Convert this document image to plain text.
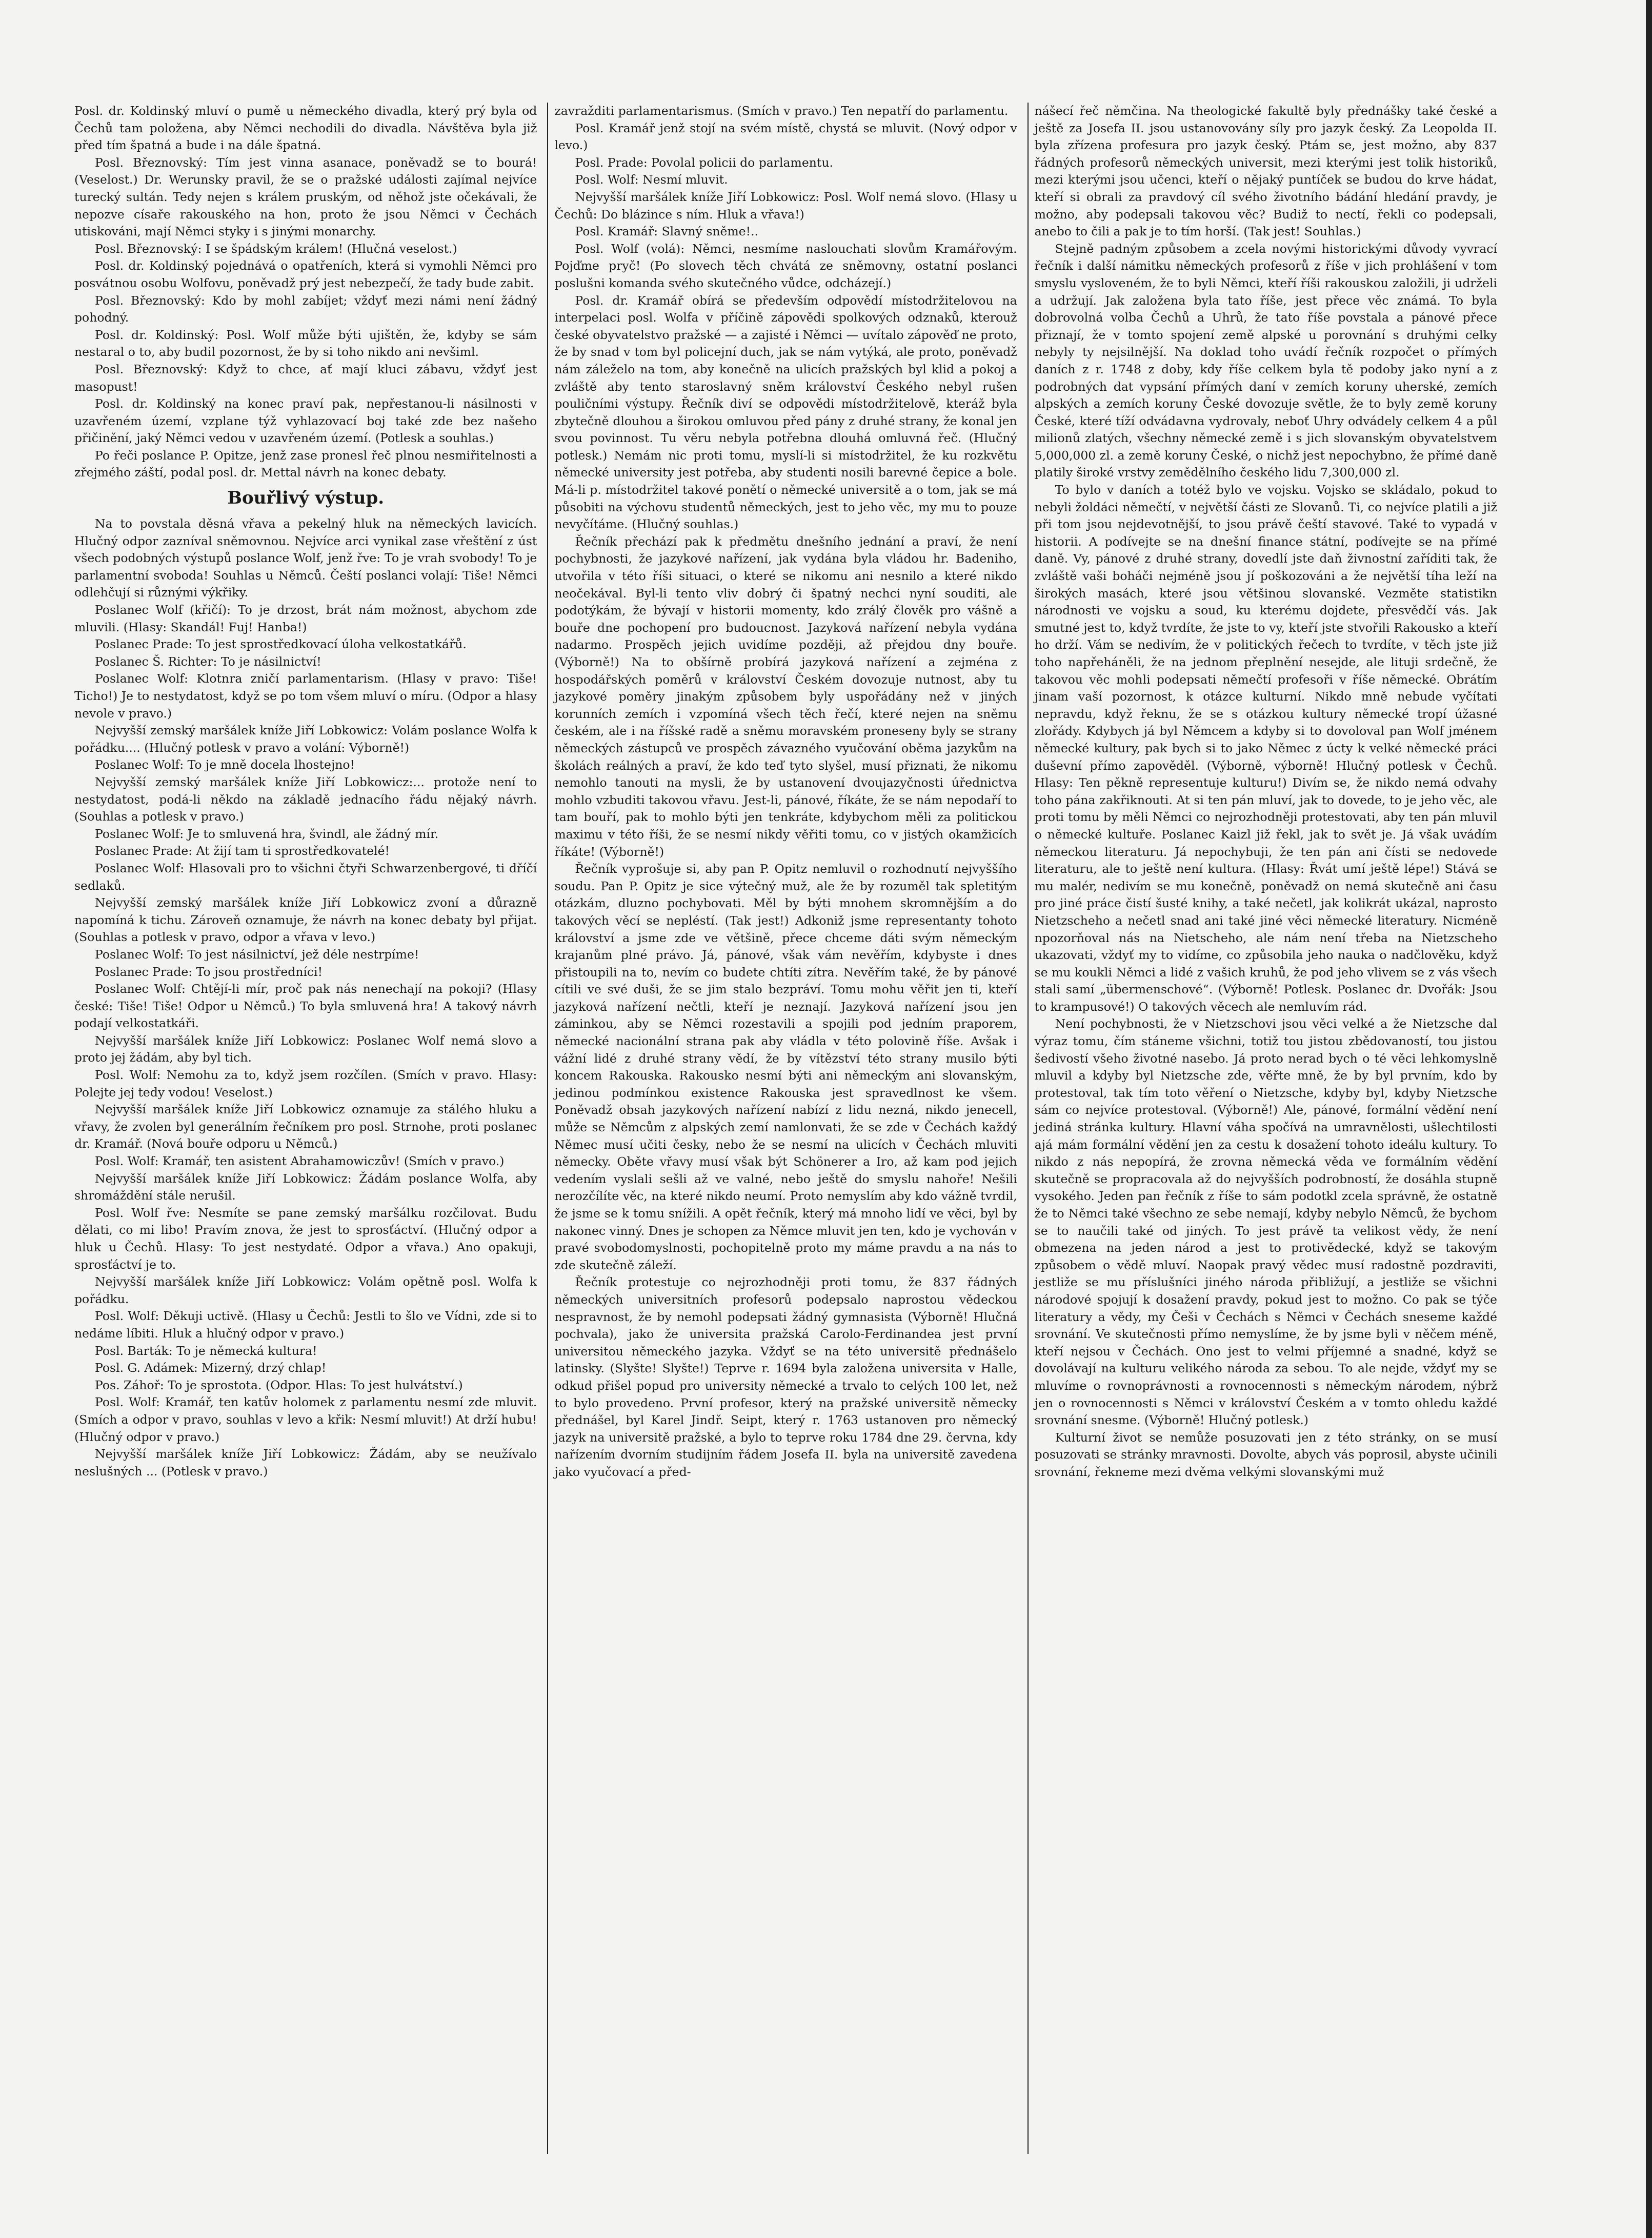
Posl. dr. Koldinský mluví o pumě u německého divadla, který prý byla od Čechů tam položena, aby Němci nechodili do divadla. Návštěva byla již před tím špatná a bude i na dále špatná.

Posl. Březnovský: Tím jest vinna asanace, poněvadž se to bourá! (Veselost.) Dr. Werunsky pravil, že se o pražské události zajímal nejvíce turecký sultán. Tedy nejen s králem pruským, od něhož jste očekávali, že nepozve císaře rakouského na hon, proto že jsou Němci v Čechách utiskováni, mají Němci styky i s jinými monarchy.

Posl. Březnovský: I se špádským králem! (Hlučná veselost.)

Posl. dr. Koldinský pojednává o opatřeních, která si vymohli Němci pro posvátnou osobu Wolfovu, poněvadž prý jest nebezpečí, že tady bude zabit.

Posl. Březnovský: Kdo by mohl zabíjet; vždyť mezi námi není žádný pohodný.

Posl. dr. Koldinský: Posl. Wolf může býti ujištěn, že, kdyby se sám nestaral o to, aby budil pozornost, že by si toho nikdo ani nevšiml.

Posl. Březnovský: Když to chce, ať mají kluci zábavu, vždyť jest masopust!

Posl. dr. Koldinský na konec praví pak, nepřestanou-li násilnosti v uzavřeném území, vzplane týž vyhlazovací boj také zde bez našeho přičinění, jaký Němci vedou v uzavřeném území. (Potlesk a souhlas.)

Po řeči poslance P. Opitze, jenž zase pronesl řeč plnou nesmiřitelnosti a zřejmého záští, podal posl. dr. Mettal návrh na konec debaty.

Bouřlivý výstup.

Na to povstala děsná vřava a pekelný hluk na německých lavicích. Hlučný odpor zazníval sněmovnou. Nejvíce arci vynikal zase vřeštění z úst všech podobných výstupů poslance Wolf, jenž řve: To je vrah svobody! To je parlamentní svoboda! Souhlas u Němců. Čeští poslanci volají: Tiše! Němci odlehčují si různými výkřiky.

Poslanec Wolf (křičí): To je drzost, brát nám možnost, abychom zde mluvili. (Hlasy: Skandál! Fuj! Hanba!)

Poslanec Prade: To jest sprostředkovací úloha velkostatkářů.

Poslanec Š. Richter: To je násilnictví!

Poslanec Wolf: Klotnra zničí parlamentarism. (Hlasy v pravo: Tiše! Ticho!) Je to nestydatost, když se po tom všem mluví o míru. (Odpor a hlasy nevole v pravo.)

Nejvyšší zemský maršálek kníže Jiří Lobkowicz: Volám poslance Wolfa k pořádku.... (Hlučný potlesk v pravo a volání: Výborně!)

Poslanec Wolf: To je mně docela lhostejno!

Nejvyšší zemský maršálek kníže Jiří Lobkowicz:... protože není to nestydatost, podá-li někdo na základě jednacího řádu nějaký návrh. (Souhlas a potlesk v pravo.)

Poslanec Wolf: Je to smluvená hra, švindl, ale žádný mír.

Poslanec Prade: At žijí tam ti sprostředkovatelé!

Poslanec Wolf: Hlasovali pro to všichni čtyři Schwarzenbergové, ti dříčí sedlaků.

Nejvyšší zemský maršálek kníže Jiří Lobkowicz zvoní a důrazně napomíná k tichu. Zároveň oznamuje, že návrh na konec debaty byl přijat. (Souhlas a potlesk v pravo, odpor a vřava v levo.)

Poslanec Wolf: To jest násilnictví, jež déle nestrpíme!

Poslanec Prade: To jsou prostředníci!

Poslanec Wolf: Chtějí-li mír, proč pak nás nenechají na pokoji? (Hlasy české: Tiše! Tiše! Odpor u Němců.) To byla smluvená hra! A takový návrh podají velkostatkáři.

Nejvyšší maršálek kníže Jiří Lobkowicz: Poslanec Wolf nemá slovo a proto jej žádám, aby byl tich.

Posl. Wolf: Nemohu za to, když jsem rozčílen. (Smích v pravo. Hlasy: Polejte jej tedy vodou! Veselost.)

Nejvyšší maršálek kníže Jiří Lobkowicz oznamuje za stálého hluku a vřavy, že zvolen byl generálním řečníkem pro posl. Strnohe, proti poslanec dr. Kramář. (Nová bouře odporu u Němců.)

Posl. Wolf: Kramář, ten asistent Abrahamowiczův! (Smích v pravo.)

Nejvyšší maršálek kníže Jiří Lobkowicz: Žádám poslance Wolfa, aby shromáždění stále nerušil.

Posl. Wolf řve: Nesmíte se pane zemský maršálku rozčilovat. Budu dělati, co mi libo! Pravím znova, že jest to sprosťáctví. (Hlučný odpor a hluk u Čechů. Hlasy: To jest nestydaté. Odpor a vřava.) Ano opakuji, sprosťáctví je to.

Nejvyšší maršálek kníže Jiří Lobkowicz: Volám opětně posl. Wolfa k pořádku.

Posl. Wolf: Děkuji uctivě. (Hlasy u Čechů: Jestli to šlo ve Vídni, zde si to nedáme líbiti. Hluk a hlučný odpor v pravo.)

Posl. Barták: To je německá kultura!

Posl. G. Adámek: Mizerný, drzý chlap!

Pos. Záhoř: To je sprostota. (Odpor. Hlas: To jest hulvátství.)

Posl. Wolf: Kramář, ten katův holomek z parlamentu nesmí zde mluvit. (Smích a odpor v pravo, souhlas v levo a křik: Nesmí mluvit!) At drží hubu! (Hlučný odpor v pravo.)

Nejvyšší maršálek kníže Jiří Lobkowicz: Žádám, aby se neužívalo neslušných ... (Potlesk v pravo.)

zavražditi parlamentarismus. (Smích v pravo.) Ten nepatří do parlamentu.

Posl. Kramář jenž stojí na svém místě, chystá se mluvit. (Nový odpor v levo.)

Posl. Prade: Povolal policii do parlamentu.

Posl. Wolf: Nesmí mluvit.

Nejvyšší maršálek kníže Jiří Lobkowicz: Posl. Wolf nemá slovo. (Hlasy u Čechů: Do blázince s ním. Hluk a vřava!)

Posl. Kramář: Slavný sněme!..

Posl. Wolf (volá): Němci, nesmíme naslouchati slovům Kramářovým. Pojďme pryč! (Po slovech těch chvátá ze sněmovny, ostatní poslanci poslušni komanda svého skutečného vůdce, odcházejí.)

Posl. dr. Kramář obírá se především odpovědí místodržitelovou na interpelaci posl. Wolfa v příčině zápovědi spolkových odznaků, kterouž české obyvatelstvo pražské — a zajisté i Němci — uvítalo zápověď ne proto, že by snad v tom byl policejní duch, jak se nám vytýká, ale proto, poněvadž nám záleželo na tom, aby konečně na ulicích pražských byl klid a pokoj a zvláště aby tento staroslavný sněm království Českého nebyl rušen pouličními výstupy. Řečník diví se odpovědi místodržitelově, kteráž byla zbytečně dlouhou a širokou omluvou před pány z druhé strany, že konal jen svou povinnost. Tu věru nebyla potřebna dlouhá omluvná řeč. (Hlučný potlesk.) Nemám nic proti tomu, myslí-li si místodržitel, že ku rozkvětu německé university jest potřeba, aby studenti nosili barevné čepice a bole. Má-li p. místodržitel takové ponětí o německé universitě a o tom, jak se má působiti na výchovu studentů německých, jest to jeho věc, my mu to pouze nevyčítáme. (Hlučný souhlas.)

Řečník přechází pak k předmětu dnešního jednání a praví, že není pochybnosti, že jazykové nařízení, jak vydána byla vládou hr. Badeniho, utvořila v této říši situaci, o které se nikomu ani nesnilo a které nikdo neočekával. Byl-li tento vliv dobrý či špatný nechci nyní souditi, ale podotýkám, že bývají v historii momenty, kdo zrálý člověk pro vášně a bouře dne pochopení pro budoucnost. Jazyková nařízení nebyla vydána nadarmo. Prospěch jejich uvidíme později, až přejdou dny bouře. (Výborně!) Na to obšírně probírá jazyková nařízení a zejména z hospodářských poměrů v království Českém dovozuje nutnost, aby tu jazykové poměry jinakým způsobem byly uspořádány než v jiných korunních zemích i vzpomíná všech těch řečí, které nejen na sněmu českém, ale i na říšské radě a sněmu moravském proneseny byly se strany německých zástupců ve prospěch závazného vyučování oběma jazykům na školách reálných a praví, že kdo teď tyto slyšel, musí přiznati, že nikomu nemohlo tanouti na mysli, že by ustanovení dvoujazyčnosti úřednictva mohlo vzbuditi takovou vřavu. Jest-li, pánové, říkáte, že se nám nepodaří to tam bouří, pak to mohlo býti jen tenkráte, kdybychom měli za politickou maximu v této říši, že se nesmí nikdy věřiti tomu, co v jistých okamžicích říkáte! (Výborně!)

Řečník vyprošuje si, aby pan P. Opitz nemluvil o rozhodnutí nejvyššího soudu. Pan P. Opitz je sice výtečný muž, ale že by rozuměl tak spletitým otázkám, dluzno pochybovati. Měl by býti mnohem skromnějším a do takových věcí se nepléstí. (Tak jest!) Adkoniž jsme representanty tohoto království a jsme zde ve většině, přece chceme dáti svým německým krajanům plné právo. Já, pánové, však vám nevěřím, kdybyste i dnes přistoupili na to, nevím co budete chtíti zítra. Nevěřím také, že by pánové cítili ve své duši, že se jim stalo bezpráví. Tomu mohu věřit jen ti, kteří jazyková nařízení nečtli, kteří je neznají. Jazyková nařízení jsou jen záminkou, aby se Němci rozestavili a spojili pod jedním praporem, německé nacionální strana pak aby vládla v této polovině říše. Avšak i vážní lidé z druhé strany vědí, že by vítězství této strany musilo býti koncem Rakouska. Rakousko nesmí býti ani německým ani slovanským, jedinou podmínkou existence Rakouska jest spravedlnost ke všem. Poněvadž obsah jazykových nařízení nabízí z lidu nezná, nikdo jenecell, může se Němcům z alpských zemí namlonvati, že se zde v Čechách každý Němec musí učiti česky, nebo že se nesmí na ulicích v Čechách mluviti německy. Oběte vřavy musí však být Schönerer a Iro, až kam pod jejich vedením vyslali sešli až ve valné, nebo ještě do smyslu nahoře! Nešili nerozčílíte věc, na které nikdo neumí. Proto nemyslím aby kdo vážně tvrdil, že jsme se k tomu snížili. A opět řečník, který má mnoho lidí ve věci, byl by nakonec vinný. Dnes je schopen za Němce mluvit jen ten, kdo je vychován v pravé svobodomyslnosti, pochopitelně proto my máme pravdu a na nás to zde skutečně záleží.

Řečník protestuje co nejrozhodněji proti tomu, že 837 řádných německých universitních profesorů podepsalo naprostou vědeckou nespravnost, že by nemohl podepsati žádný gymnasista (Výborně! Hlučná pochvala), jako že universita pražská Carolo-Ferdinandea jest první universitou německého jazyka. Vždyť se na této universitě přednášelo latinsky. (Slyšte! Slyšte!) Teprve r. 1694 byla založena universita v Halle, odkud přišel popud pro university německé a trvalo to celých 100 let, než to bylo provedeno. První profesor, který na pražské universitě německy přednášel, byl Karel Jindř. Seipt, který r. 1763 ustanoven pro německý jazyk na universitě pražské, a bylo to teprve roku 1784 dne 29. června, kdy nařízením dvorním studijním řádem Josefa II. byla na universitě zavedena jako vyučovací a před-

nášecí řeč němčina. Na theologické fakultě byly přednášky také české a ještě za Josefa II. jsou ustanovovány síly pro jazyk český. Za Leopolda II. byla zřízena profesura pro jazyk český. Ptám se, jest možno, aby 837 řádných profesorů německých universit, mezi kterými jest tolik historiků, mezi kterými jsou učenci, kteří o nějaký puntíček se budou do krve hádat, kteří si obrali za pravdový cíl svého životního bádání hledání pravdy, je možno, aby podepsali takovou věc? Budiž to nectí, řekli co podepsali, anebo to čili a pak je to tím horší. (Tak jest! Souhlas.)

Stejně padným způsobem a zcela novými historickými důvody vyvrací řečník i další námitku německých profesorů z říše v jich prohlášení v tom smyslu vysloveném, že to byli Němci, kteří říši rakouskou založili, ji udrželi a udržují. Jak založena byla tato říše, jest přece věc známá. To byla dobrovolná volba Čechů a Uhrů, že tato říše povstala a pánové přece přiznají, že v tomto spojení země alpské u porovnání s druhými celky nebyly ty nejsilnější. Na doklad toho uvádí řečník rozpočet o přímých daních z r. 1748 z doby, kdy říše celkem byla tě podoby jako nyní a z podrobných dat vypsání přímých daní v zemích koruny uherské, zemích alpských a zemích koruny České dovozuje světle, že to byly země koruny České, které tíží odvádavna vydrovaly, neboť Uhry odvádely celkem 4 a půl milionů zlatých, všechny německé země i s jich slovanským obyvatelstvem 5,000,000 zl. a země koruny České, o nichž jest nepochybno, že přímé daně platily široké vrstvy zemědělního českého lidu 7,300,000 zl.

To bylo v daních a totéž bylo ve vojsku. Vojsko se skládalo, pokud to nebyli žoldáci němečtí, v největší části ze Slovanů. Ti, co nejvíce platili a již při tom jsou nejdevotnější, to jsou právě čeští stavové. Také to vypadá v historii. A podívejte se na dnešní finance státní, podívejte se na přímé daně. Vy, pánové z druhé strany, dovedlí jste daň živnostní zaříditi tak, že zvláště vaši boháči nejméně jsou jí poškozováni a že největší tíha leží na širokých masách, které jsou většinou slovanské. Vezměte statistikn národnosti ve vojsku a soud, ku kterému dojdete, přesvědčí vás. Jak smutné jest to, když tvrdíte, že jste to vy, kteří jste stvořili Rakousko a kteří ho drží. Vám se nedivím, že v politických řečech to tvrdíte, v těch jste již toho napřeháněli, že na jednom přeplnění nesejde, ale lituji srdečně, že takovou věc mohli podepsati němečtí profesoři v říše německé. Obrátím jinam vaší pozornost, k otázce kulturní. Nikdo mně nebude vyčítati nepravdu, když řeknu, že se s otázkou kultury německé tropí úžasné zlořády. Kdybych já byl Němcem a kdyby si to dovoloval pan Wolf jménem německé kultury, pak bych si to jako Němec z úcty k velké německé práci duševní přímo zapověděl. (Výborně, výborně! Hlučný potlesk v Čechů. Hlasy: Ten pěkně representuje kulturu!) Divím se, že nikdo nemá odvahy toho pána zakřiknouti. At si ten pán mluví, jak to dovede, to je jeho věc, ale proti tomu by měli Němci co nejrozhodněji protestovati, aby ten pán mluvil o německé kultuře. Poslanec Kaizl již řekl, jak to svět je. Já však uvádím německou literaturu. Já nepochybuji, že ten pán ani čísti se nedovede literaturu, ale to ještě není kultura. (Hlasy: Řvát umí ještě lépe!) Stává se mu malér, nedivím se mu konečně, poněvadž on nemá skutečně ani času pro jiné práce čistí šusté knihy, a také nečetl, jak kolikrát ukázal, naprosto Nietzscheho a nečetl snad ani také jiné věci německé literatury. Nicméně npozorňoval nás na Nietscheho, ale nám není třeba na Nietzscheho ukazovati, vždyť my to vidíme, co způsobila jeho nauka o nadčlověku, když se mu koukli Němci a lidé z vašich kruhů, že pod jeho vlivem se z vás všech stali samí „übermenschové“. (Výborně! Potlesk. Poslanec dr. Dvořák: Jsou to krampusové!) O takových věcech ale nemluvím rád.

Není pochybnosti, že v Nietzschovi jsou věci velké a že Nietzsche dal výraz tomu, čím stáneme všichni, totiž tou jistou zbědovaností, tou jistou šedivostí všeho životné nasebo. Já proto nerad bych o té věci lehkomyslně mluvil a kdyby byl Nietzsche zde, věřte mně, že by byl prvním, kdo by protestoval, tak tím toto věření o Nietzsche, kdyby byl, kdyby Nietzsche sám co nejvíce protestoval. (Výborně!) Ale, pánové, formální vědění není jediná stránka kultury. Hlavní váha spočívá na umravnělosti, ušlechtilosti ajá mám formální vědění jen za cestu k dosažení tohoto ideálu kultury. To nikdo z nás nepopírá, že zrovna německá věda ve formálním vědění skutečně se propracovala až do nejvyšších podrobností, že dosáhla stupně vysokého. Jeden pan řečník z říše to sám podotkl zcela správně, že ostatně že to Němci také všechno ze sebe nemají, kdyby nebylo Němců, že bychom se to naučili také od jiných. To jest právě ta velikost vědy, že není obmezena na jeden národ a jest to protivědecké, když se takovým způsobem o vědě mluví. Naopak pravý vědec musí radostně pozdraviti, jestliže se mu příslušníci jiného národa přibližují, a jestliže se všichni národové spojují k dosažení pravdy, pokud jest to možno. Co pak se týče literatury a vědy, my Češi v Čechách s Němci v Čechách sneseme každé srovnání. Ve skutečnosti přímo nemyslíme, že by jsme byli v něčem méně, kteří nejsou v Čechách. Ono jest to velmi příjemné a snadné, když se dovolávají na kulturu velikého národa za sebou. To ale nejde, vždyť my se mluvíme o rovnoprávnosti a rovnocennosti s německým národem, nýbrž jen o rovnocennosti s Němci v království Českém a v tomto ohledu každé srovnání snesme. (Výborně! Hlučný potlesk.)

Kulturní život se nemůže posuzovati jen z této stránky, on se musí posuzovati se stránky mravnosti. Dovolte, abych vás poprosil, abyste učinili srovnání, řekneme mezi dvěma velkými slovanskými muž
